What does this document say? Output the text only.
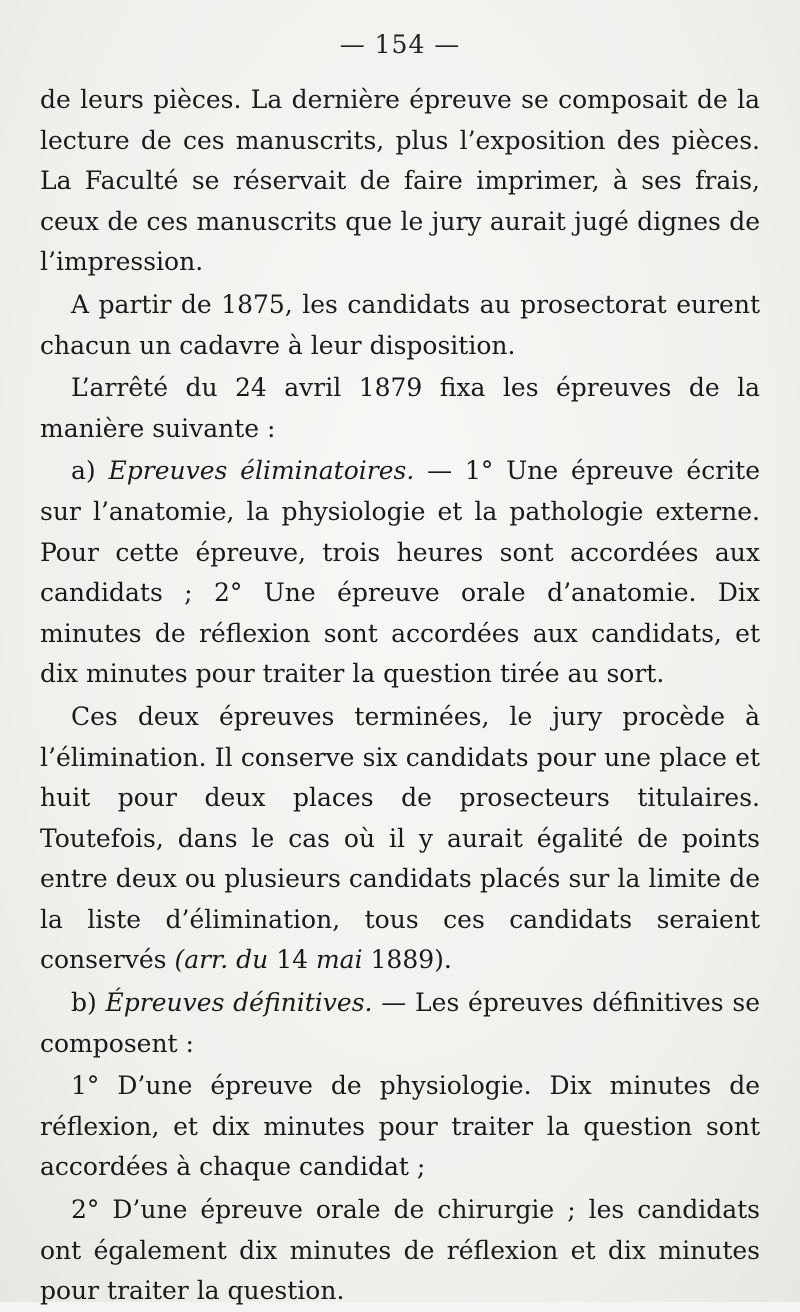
— 154 —

de leurs pièces. La dernière épreuve se composait de la lecture de ces manuscrits, plus l’exposition des pièces. La Faculté se réservait de faire imprimer, à ses frais, ceux de ces manuscrits que le jury aurait jugé dignes de l’impression.

A partir de 1875, les candidats au prosectorat eurent chacun un cadavre à leur disposition.

L’arrêté du 24 avril 1879 fixa les épreuves de la manière suivante :

a) Epreuves éliminatoires. — 1° Une épreuve écrite sur l’anatomie, la physiologie et la pathologie externe. Pour cette épreuve, trois heures sont accordées aux candidats ; 2° Une épreuve orale d’anatomie. Dix minutes de réflexion sont accordées aux candidats, et dix minutes pour traiter la question tirée au sort.

Ces deux épreuves terminées, le jury procède à l’élimination. Il conserve six candidats pour une place et huit pour deux places de prosecteurs titulaires. Toutefois, dans le cas où il y aurait égalité de points entre deux ou plusieurs candidats placés sur la limite de la liste d’élimination, tous ces candidats seraient conservés (arr. du 14 mai 1889).

b) Épreuves définitives. — Les épreuves définitives se composent :

1° D’une épreuve de physiologie. Dix minutes de réflexion, et dix minutes pour traiter la question sont accordées à chaque candidat ;

2° D’une épreuve orale de chirurgie ; les candidats ont également dix minutes de réflexion et dix minutes pour traiter la question.
